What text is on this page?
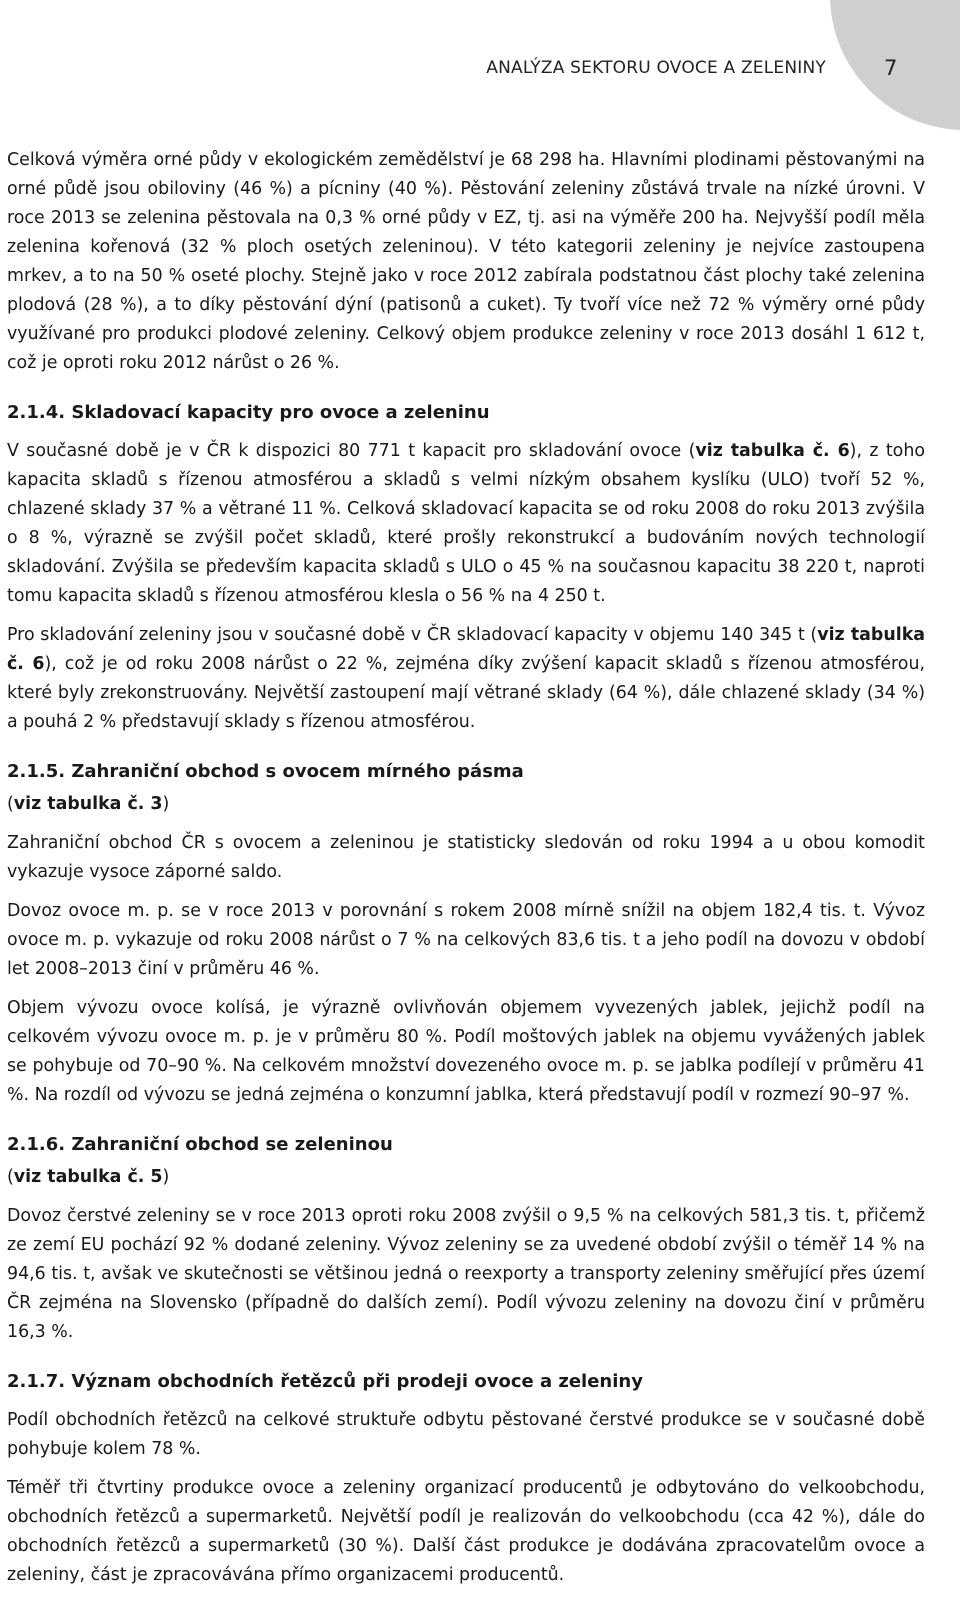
ANALÝZA SEKTORU OVOCE A ZELENINY	7

Celková výměra orné půdy v ekologickém zemědělství je 68 298 ha. Hlavními plodinami pěstovanými na orné půdě jsou obiloviny (46 %) a pícniny (40 %). Pěstování zeleniny zůstává trvale na nízké úrovni. V roce 2013 se zelenina pěstovala na 0,3 % orné půdy v EZ, tj. asi na výměře 200 ha. Nejvyšší podíl měla zelenina kořenová (32 % ploch osetých zeleninou). V této kategorii zeleniny je nejvíce zastoupena mrkev, a to na 50 % oseté plochy. Stejně jako v roce 2012 zabírala podstatnou část plochy také zelenina plodová (28 %), a to díky pěstování dýní (patisonů a cuket). Ty tvoří více než 72 % výměry orné půdy využívané pro produkci plodové zeleniny. Celkový objem produkce zeleniny v roce 2013 dosáhl 1 612 t, což je oproti roku 2012 nárůst o 26 %.

2.1.4. Skladovací kapacity pro ovoce a zeleninu

V současné době je v ČR k dispozici 80 771 t kapacit pro skladování ovoce (viz tabulka č. 6), z toho kapacita skladů s řízenou atmosférou a skladů s velmi nízkým obsahem kyslíku (ULO) tvoří 52 %, chlazené sklady 37 % a větrané 11 %. Celková skladovací kapacita se od roku 2008 do roku 2013 zvýšila o 8 %, výrazně se zvýšil počet skladů, které prošly rekonstrukcí a budováním nových technologií skladování. Zvýšila se především kapacita skladů s ULO o 45 % na současnou kapacitu 38 220 t, naproti tomu kapacita skladů s řízenou atmosférou klesla o 56 % na 4 250 t.

Pro skladování zeleniny jsou v současné době v ČR skladovací kapacity v objemu 140 345 t (viz tabulka č. 6), což je od roku 2008 nárůst o 22 %, zejména díky zvýšení kapacit skladů s řízenou atmosférou, které byly zrekonstruovány. Největší zastoupení mají větrané sklady (64 %), dále chlazené sklady (34 %) a pouhá 2 % představují sklady s řízenou atmosférou.

2.1.5. Zahraniční obchod s ovocem mírného pásma

(viz tabulka č. 3)

Zahraniční obchod ČR s ovocem a zeleninou je statisticky sledován od roku 1994 a u obou komodit vykazuje vysoce záporné saldo.

Dovoz ovoce m. p. se v roce 2013 v porovnání s rokem 2008 mírně snížil na objem 182,4 tis. t. Vývoz ovoce m. p. vykazuje od roku 2008 nárůst o 7 % na celkových 83,6 tis. t a jeho podíl na dovozu v období let 2008–2013 činí v průměru 46 %.

Objem vývozu ovoce kolísá, je výrazně ovlivňován objemem vyvezených jablek, jejichž podíl na celkovém vývozu ovoce m. p. je v průměru 80 %. Podíl moštových jablek na objemu vyvážených jablek se pohybuje od 70–90 %. Na celkovém množství dovezeného ovoce m. p. se jablka podílejí v průměru 41 %. Na rozdíl od vývozu se jedná zejména o konzumní jablka, která představují podíl v rozmezí 90–97 %.

2.1.6. Zahraniční obchod se zeleninou

(viz tabulka č. 5)

Dovoz čerstvé zeleniny se v roce 2013 oproti roku 2008 zvýšil o 9,5 % na celkových 581,3 tis. t, přičemž ze zemí EU pochází 92 % dodané zeleniny. Vývoz zeleniny se za uvedené období zvýšil o téměř 14 % na 94,6 tis. t, avšak ve skutečnosti se většinou jedná o reexporty a transporty zeleniny směřující přes území ČR zejména na Slovensko (případně do dalších zemí). Podíl vývozu zeleniny na dovozu činí v průměru 16,3 %.

2.1.7. Význam obchodních řetězců při prodeji ovoce a zeleniny

Podíl obchodních řetězců na celkové struktuře odbytu pěstované čerstvé produkce se v současné době pohybuje kolem 78 %.

Téměř tři čtvrtiny produkce ovoce a zeleniny organizací producentů je odbytováno do velkoobchodu, obchodních řetězců a supermarketů. Největší podíl je realizován do velkoobchodu (cca 42 %), dále do obchodních řetězců a supermarketů (30 %). Další část produkce je dodávána zpracovatelům ovoce a zeleniny, část je zpracovávána přímo organizacemi producentů.
